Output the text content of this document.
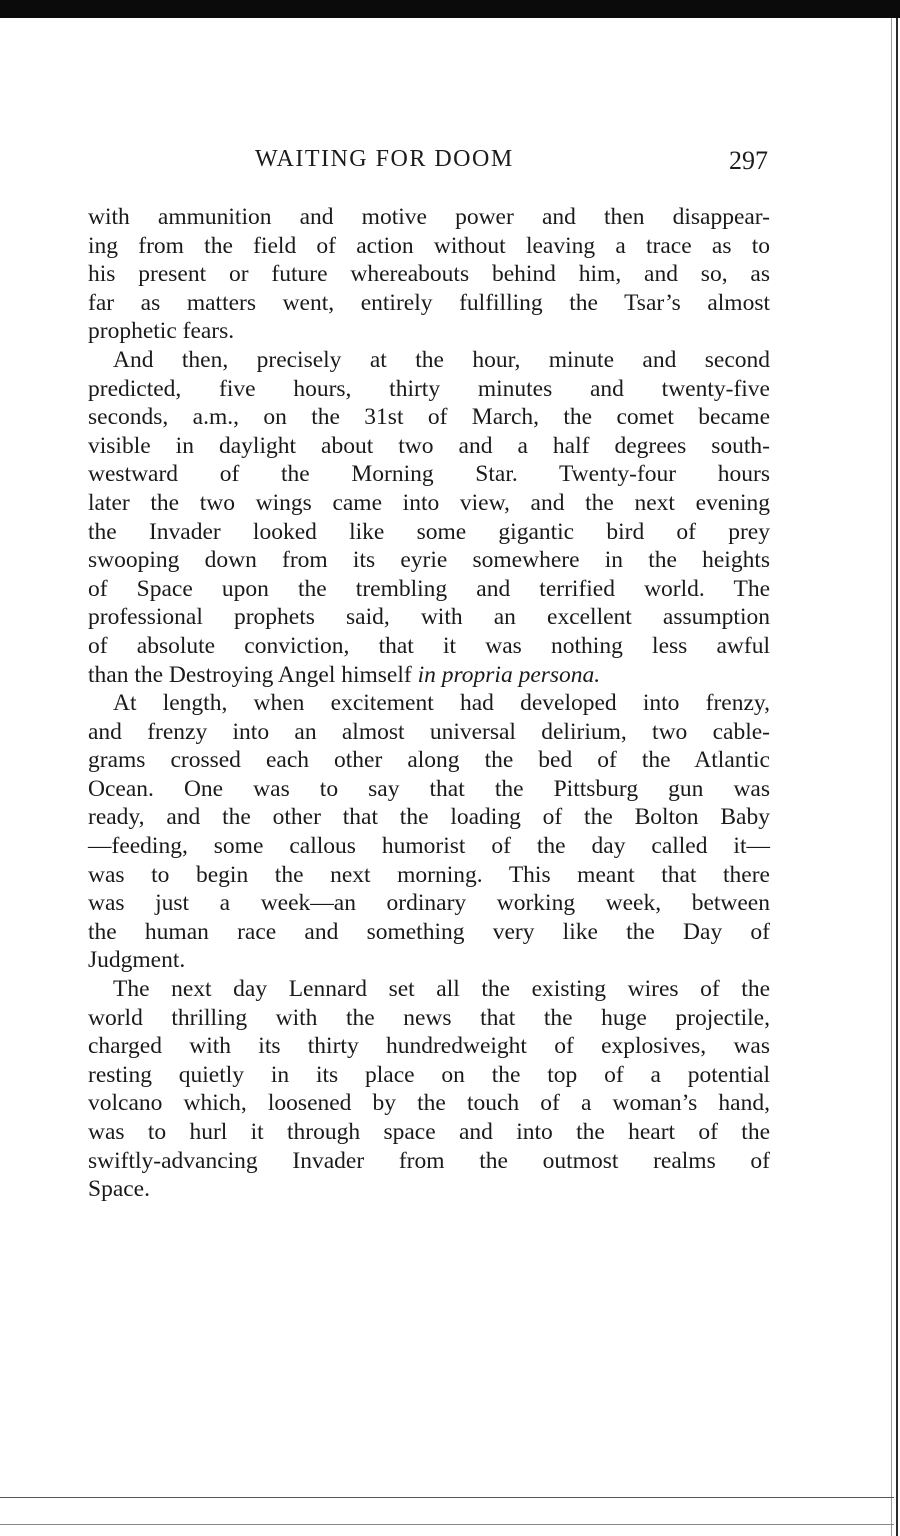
WAITING FOR DOOM	297

with ammunition and motive power and then disappear-
ing from the field of action without leaving a trace as to
his present or future whereabouts behind him, and so, as
far as matters went, entirely fulfilling the Tsar’s almost
prophetic fears.

And then, precisely at the hour, minute and second
predicted, five hours, thirty minutes and twenty-five
seconds, a.m., on the 31st of March, the comet became
visible in daylight about two and a half degrees south-
westward of the Morning Star. Twenty-four hours
later the two wings came into view, and the next evening
the Invader looked like some gigantic bird of prey
swooping down from its eyrie somewhere in the heights
of Space upon the trembling and terrified world. The
professional prophets said, with an excellent assumption
of absolute conviction, that it was nothing less awful
than the Destroying Angel himself in propria persona.

At length, when excitement had developed into frenzy,
and frenzy into an almost universal delirium, two cable-
grams crossed each other along the bed of the Atlantic
Ocean. One was to say that the Pittsburg gun was
ready, and the other that the loading of the Bolton Baby
—feeding, some callous humorist of the day called it—
was to begin the next morning. This meant that there
was just a week—an ordinary working week, between
the human race and something very like the Day of
Judgment.

The next day Lennard set all the existing wires of the
world thrilling with the news that the huge projectile,
charged with its thirty hundredweight of explosives, was
resting quietly in its place on the top of a potential
volcano which, loosened by the touch of a woman’s hand,
was to hurl it through space and into the heart of the
swiftly-advancing Invader from the outmost realms of
Space.
